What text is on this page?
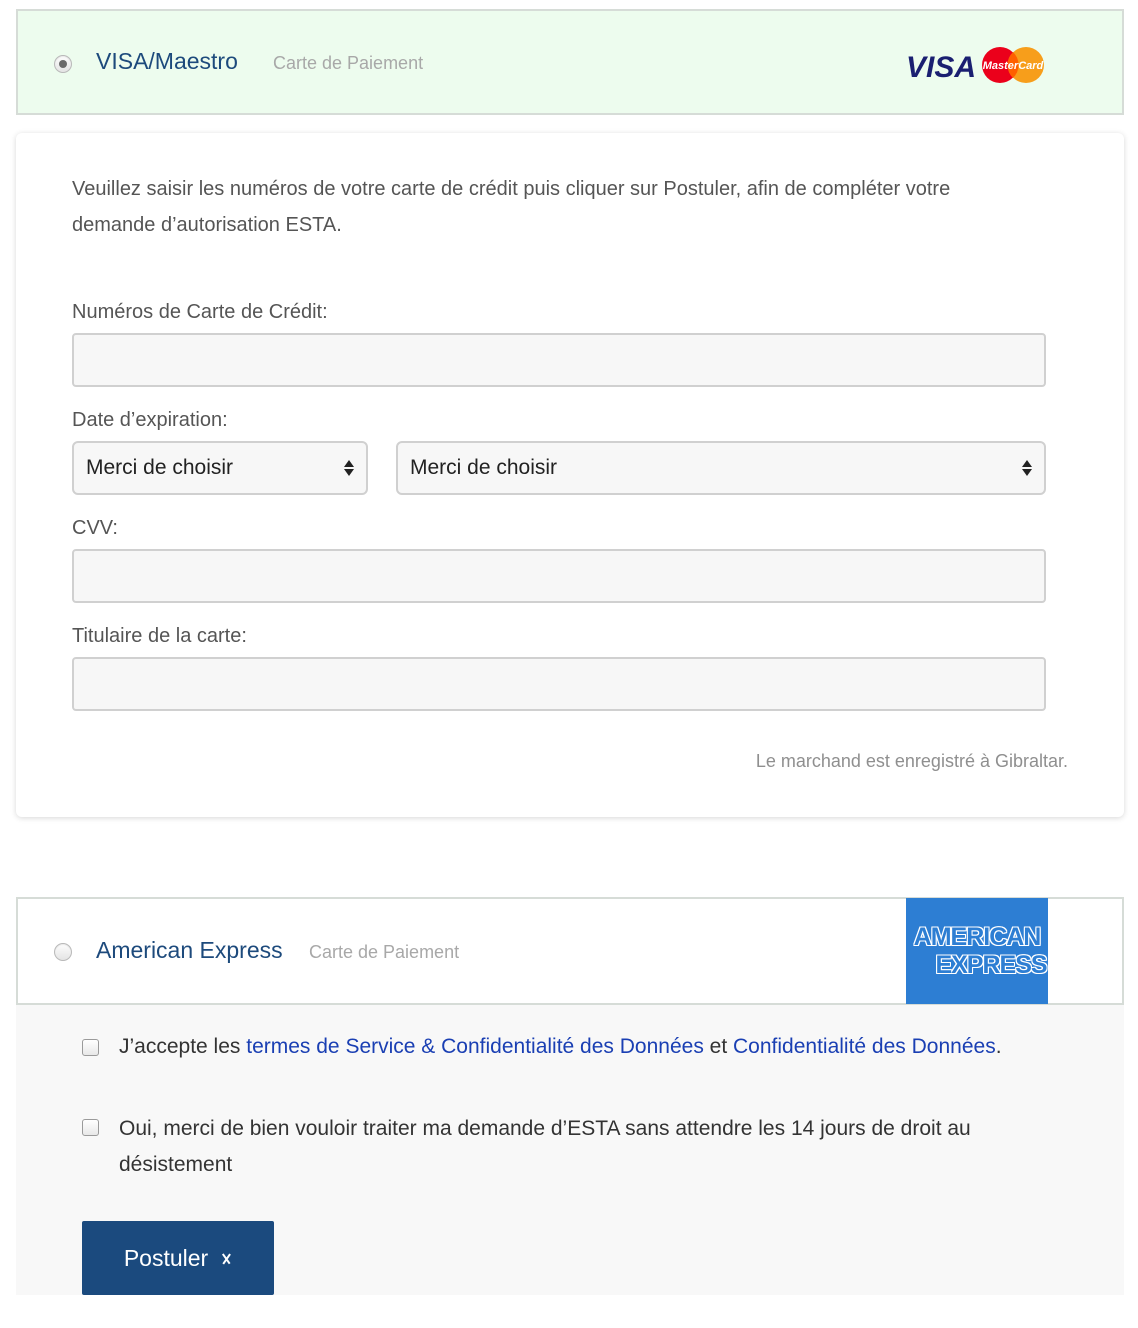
VISA/Maestro Carte de Paiement	VISA MasterCard

Veuillez saisir les numéros de votre carte de crédit puis cliquer sur Postuler, afin de compléter votre demande d’autorisation ESTA.

Numéros de Carte de Crédit:
Date d’expiration:
Merci de choisir	Merci de choisir
CVV:
Titulaire de la carte:
Le marchand est enregistré à Gibraltar.
American Express Carte de Paiement
AMERICAN
EXPRESS

J’accepte les termes de Service & Confidentialité des Données et Confidentialité des Données.

Oui, merci de bien vouloir traiter ma demande d’ESTA sans attendre les 14 jours de droit au désistement

Postuler
